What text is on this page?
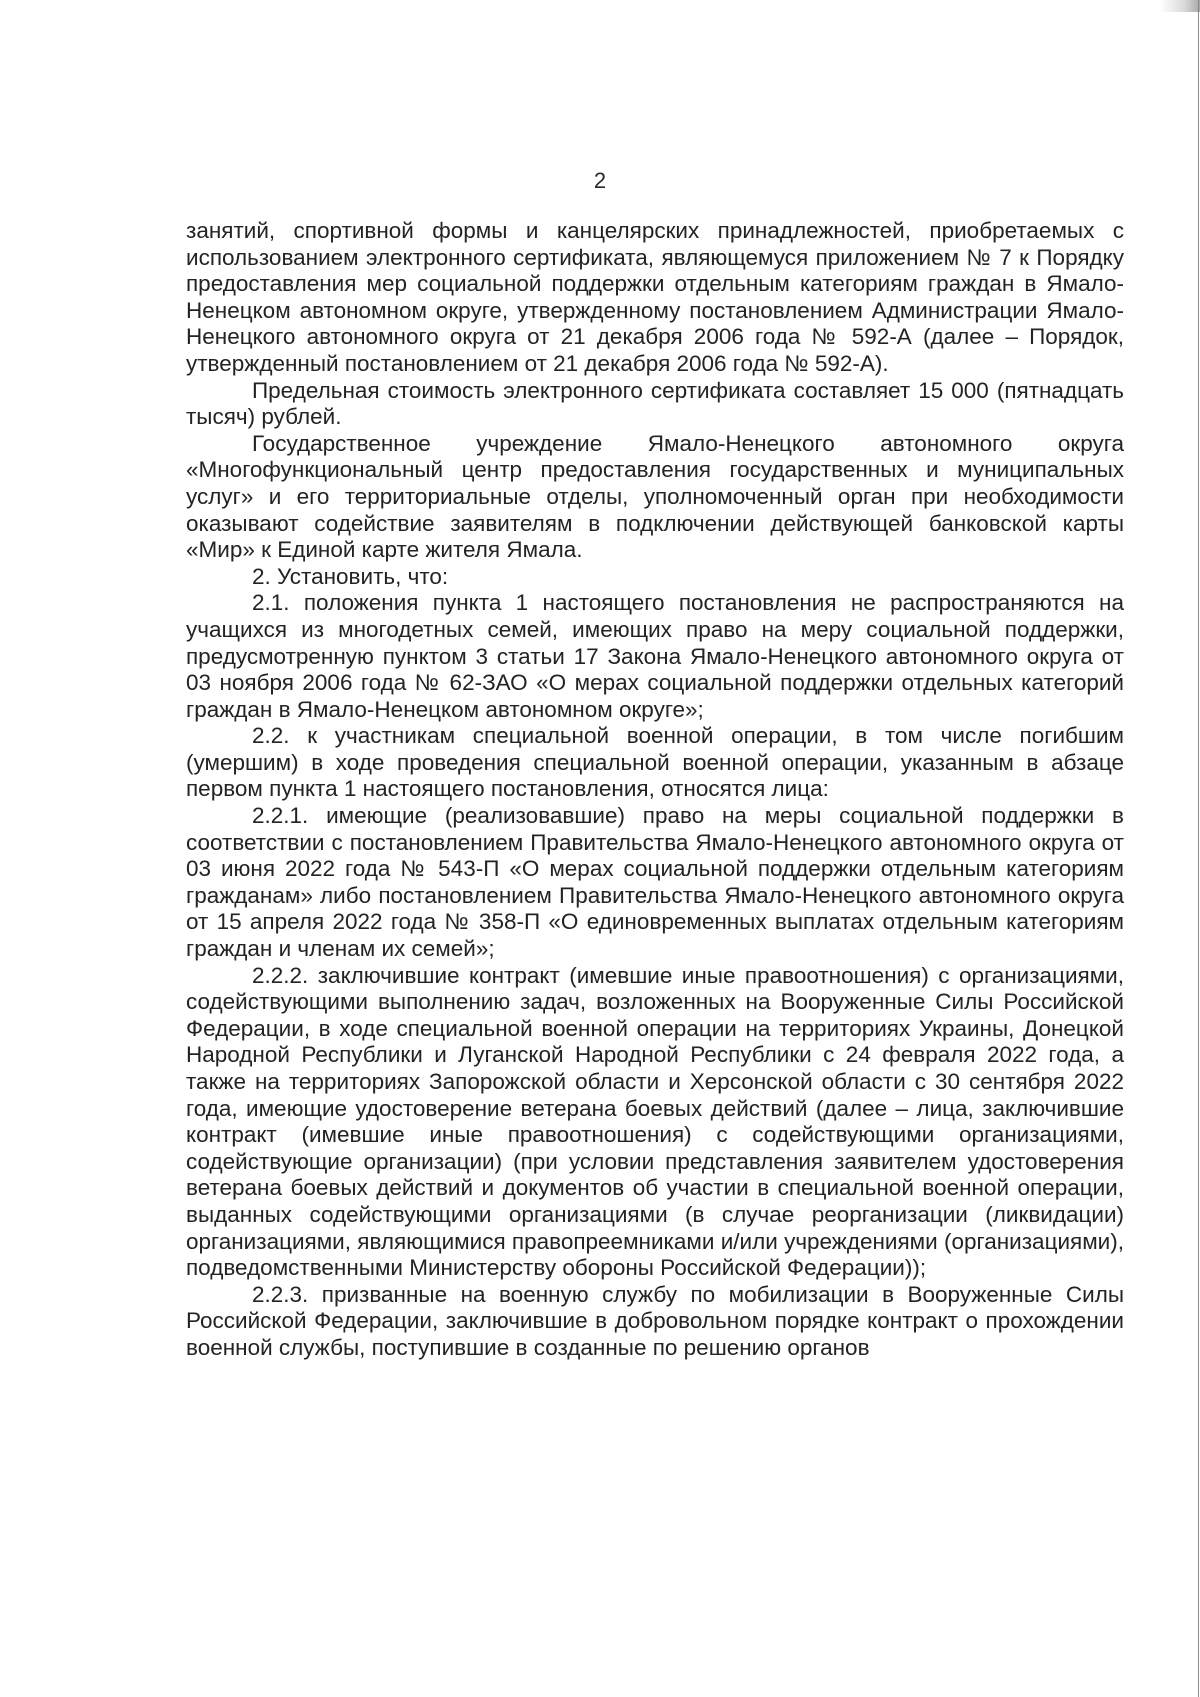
2

занятий, спортивной формы и канцелярских принадлежностей, приобретаемых с использованием электронного сертификата, являющемуся приложением № 7 к Порядку предоставления мер социальной поддержки отдельным категориям граждан в Ямало-Ненецком автономном округе, утвержденному постановлением Администрации Ямало-Ненецкого автономного округа от 21 декабря 2006 года № 592-А (далее – Порядок, утвержденный постановлением от 21 декабря 2006 года № 592-А).

Предельная стоимость электронного сертификата составляет 15 000 (пятнадцать тысяч) рублей.

Государственное учреждение Ямало-Ненецкого автономного округа «Многофункциональный центр предоставления государственных и муниципальных услуг» и его территориальные отделы, уполномоченный орган при необходимости оказывают содействие заявителям в подключении действующей банковской карты «Мир» к Единой карте жителя Ямала.

2. Установить, что:

2.1. положения пункта 1 настоящего постановления не распространяются на учащихся из многодетных семей, имеющих право на меру социальной поддержки, предусмотренную пунктом 3 статьи 17 Закона Ямало-Ненецкого автономного округа от 03 ноября 2006 года № 62-ЗАО «О мерах социальной поддержки отдельных категорий граждан в Ямало-Ненецком автономном округе»;

2.2. к участникам специальной военной операции, в том числе погибшим (умершим) в ходе проведения специальной военной операции, указанным в абзаце первом пункта 1 настоящего постановления, относятся лица:

2.2.1. имеющие (реализовавшие) право на меры социальной поддержки в соответствии с постановлением Правительства Ямало-Ненецкого автономного округа от 03 июня 2022 года № 543-П «О мерах социальной поддержки отдельным категориям гражданам» либо постановлением Правительства Ямало-Ненецкого автономного округа от 15 апреля 2022 года № 358-П «О единовременных выплатах отдельным категориям граждан и членам их семей»;

2.2.2. заключившие контракт (имевшие иные правоотношения) с организациями, содействующими выполнению задач, возложенных на Вооруженные Силы Российской Федерации, в ходе специальной военной операции на территориях Украины, Донецкой Народной Республики и Луганской Народной Республики с 24 февраля 2022 года, а также на территориях Запорожской области и Херсонской области с 30 сентября 2022 года, имеющие удостоверение ветерана боевых действий (далее – лица, заключившие контракт (имевшие иные правоотношения) с содействующими организациями, содействующие организации) (при условии представления заявителем удостоверения ветерана боевых действий и документов об участии в специальной военной операции, выданных содействующими организациями (в случае реорганизации (ликвидации) организациями, являющимися правопреемниками и/или учреждениями (организациями), подведомственными Министерству обороны Российской Федерации));

2.2.3. призванные на военную службу по мобилизации в Вооруженные Силы Российской Федерации, заключившие в добровольном порядке контракт о прохождении военной службы, поступившие в созданные по решению органов
